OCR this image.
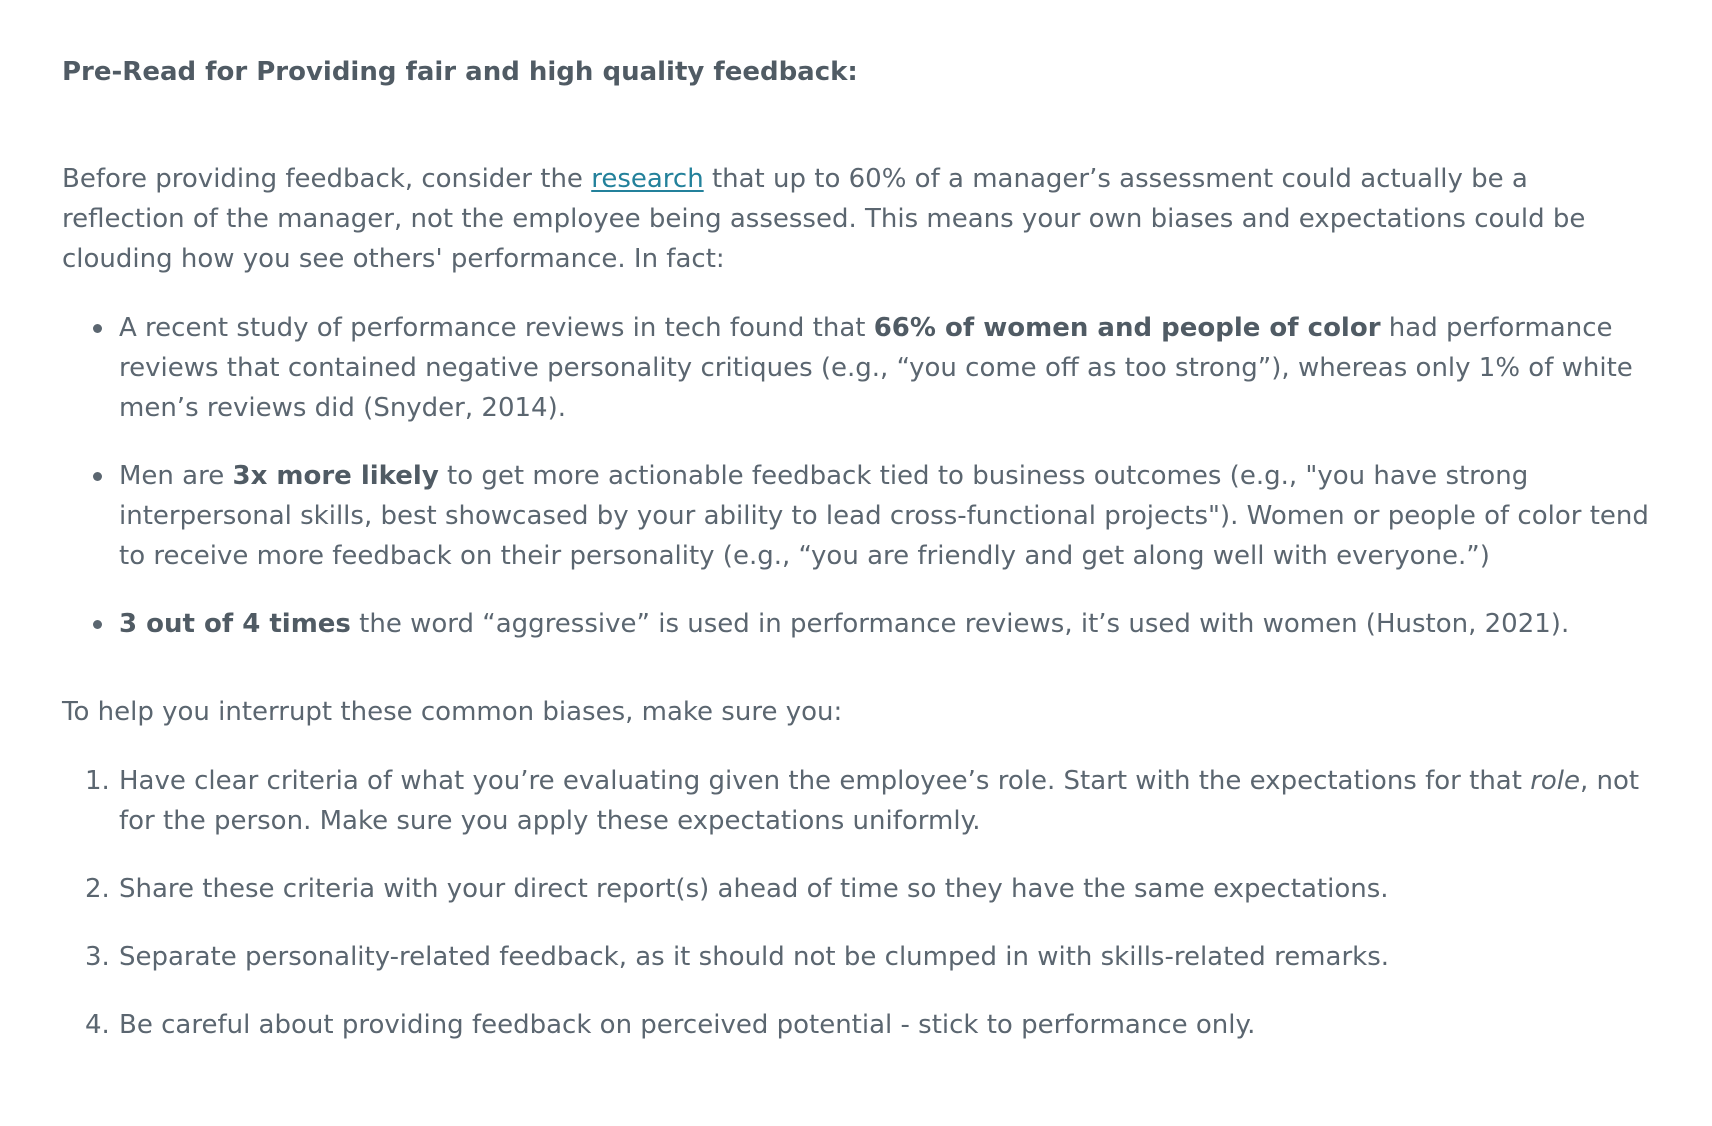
Pre-Read for Providing fair and high quality feedback:

Before providing feedback, consider the research that up to 60% of a manager’s assessment could actually be a reflection of the manager, not the employee being assessed. This means your own biases and expectations could be clouding how you see others' performance. In fact:

A recent study of performance reviews in tech found that 66% of women and people of color had performance reviews that contained negative personality critiques (e.g., “you come off as too strong”), whereas only 1% of white men’s reviews did (Snyder, 2014).
Men are 3x more likely to get more actionable feedback tied to business outcomes (e.g., "you have strong interpersonal skills, best showcased by your ability to lead cross-functional projects"). Women or people of color tend to receive more feedback on their personality (e.g., “you are friendly and get along well with everyone.”)
3 out of 4 times the word “aggressive” is used in performance reviews, it’s used with women (Huston, 2021).

To help you interrupt these common biases, make sure you:

1. Have clear criteria of what you’re evaluating given the employee’s role. Start with the expectations for that role, not for the person. Make sure you apply these expectations uniformly.
2. Share these criteria with your direct report(s) ahead of time so they have the same expectations.
3. Separate personality-related feedback, as it should not be clumped in with skills-related remarks.
4. Be careful about providing feedback on perceived potential - stick to performance only.
